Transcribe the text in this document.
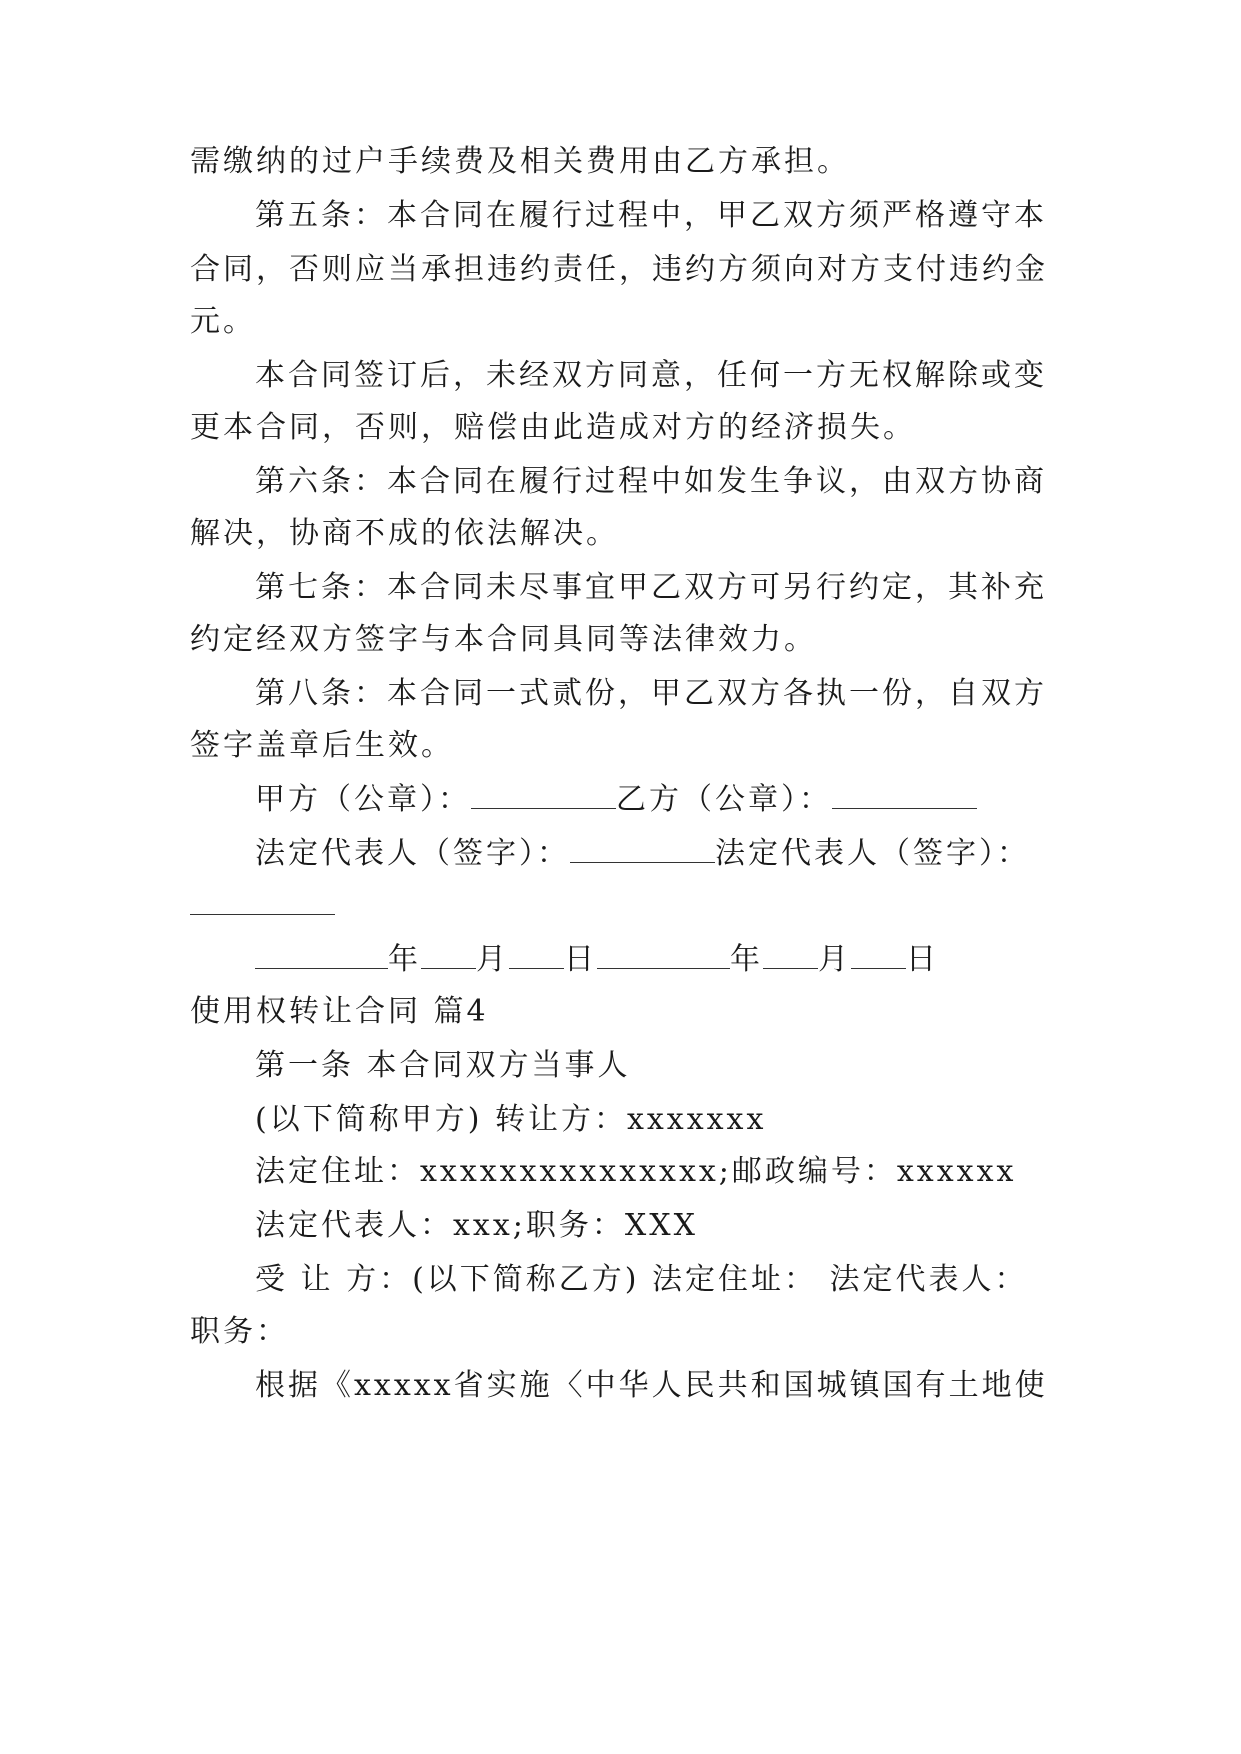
需缴纳的过户手续费及相关费用由乙方承担。
第五条：本合同在履行过程中，甲乙双方须严格遵守本
合同，否则应当承担违约责任，违约方须向对方支付违约金
元。
本合同签订后，未经双方同意，任何一方无权解除或变
更本合同，否则，赔偿由此造成对方的经济损失。
第六条：本合同在履行过程中如发生争议，由双方协商
解决，协商不成的依法解决。
第七条：本合同未尽事宜甲乙双方可另行约定，其补充
约定经双方签字与本合同具同等法律效力。
第八条：本合同一式贰份，甲乙双方各执一份，自双方
签字盖章后生效。
甲方（公章）：	乙方（公章）：
法定代表人（签字）：	法定代表人（签字）：
年 月 日	年 月 日
使用权转让合同 篇4
第一条 本合同双方当事人
(以下简称甲方) 转让方：xxxxxxx
法定住址：xxxxxxxxxxxxxxx;邮政编号：xxxxxx
法定代表人：xxx;职务：XXX
受 让 方：(以下简称乙方) 法定住址： 法定代表人：
职务：
根据《xxxxx省实施〈中华人民共和国城镇国有土地使
